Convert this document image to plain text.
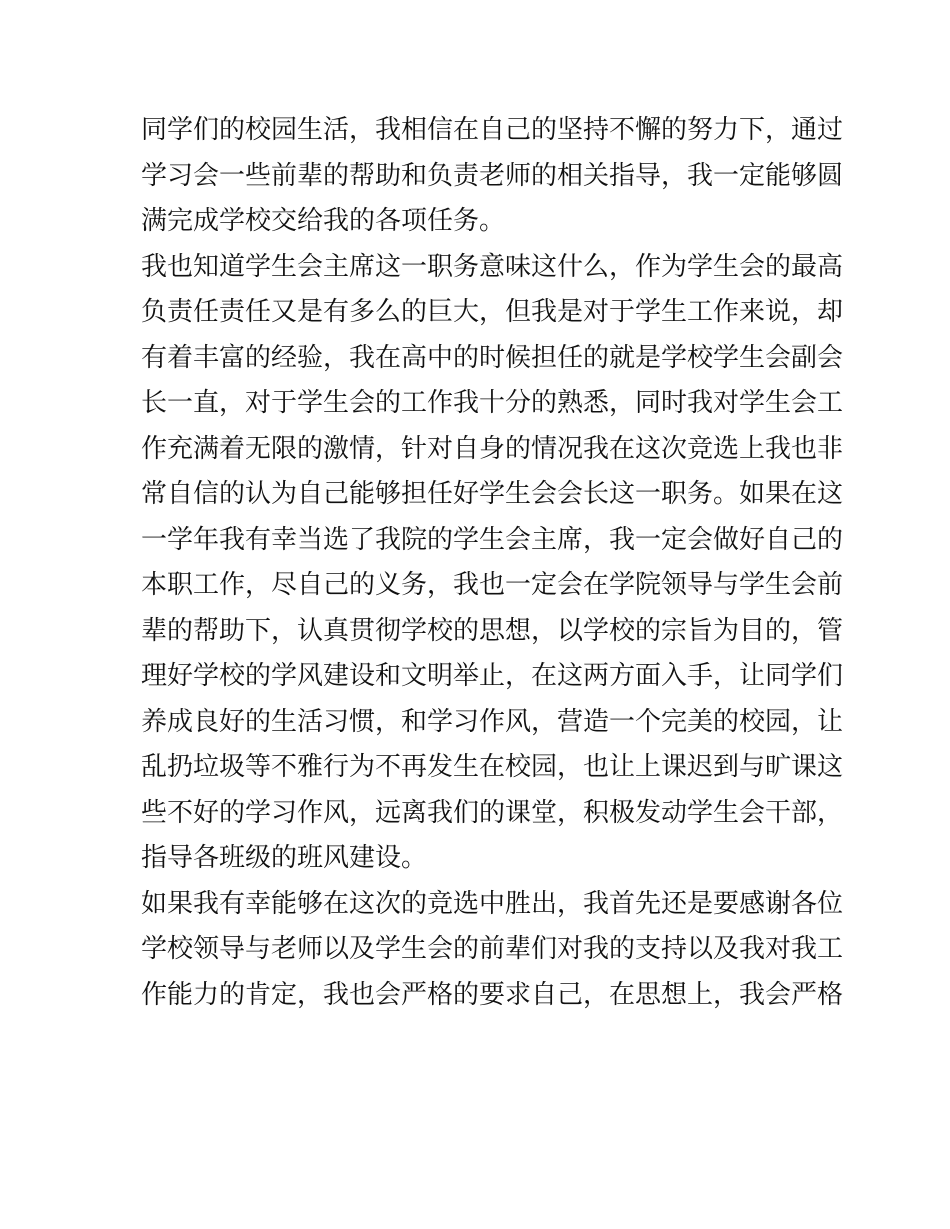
同学们的校园生活，我相信在自己的坚持不懈的努力下，通过
学习会一些前辈的帮助和负责老师的相关指导，我一定能够圆
满完成学校交给我的各项任务。
我也知道学生会主席这一职务意味这什么，作为学生会的最高
负责任责任又是有多么的巨大，但我是对于学生工作来说，却
有着丰富的经验，我在高中的时候担任的就是学校学生会副会
长一直，对于学生会的工作我十分的熟悉，同时我对学生会工
作充满着无限的激情，针对自身的情况我在这次竞选上我也非
常自信的认为自己能够担任好学生会会长这一职务。如果在这
一学年我有幸当选了我院的学生会主席，我一定会做好自己的
本职工作，尽自己的义务，我也一定会在学院领导与学生会前
辈的帮助下，认真贯彻学校的思想，以学校的宗旨为目的，管
理好学校的学风建设和文明举止，在这两方面入手，让同学们
养成良好的生活习惯，和学习作风，营造一个完美的校园，让
乱扔垃圾等不雅行为不再发生在校园，也让上课迟到与旷课这
些不好的学习作风，远离我们的课堂，积极发动学生会干部，
指导各班级的班风建设。
如果我有幸能够在这次的竞选中胜出，我首先还是要感谢各位
学校领导与老师以及学生会的前辈们对我的支持以及我对我工
作能力的肯定，我也会严格的要求自己，在思想上，我会严格
